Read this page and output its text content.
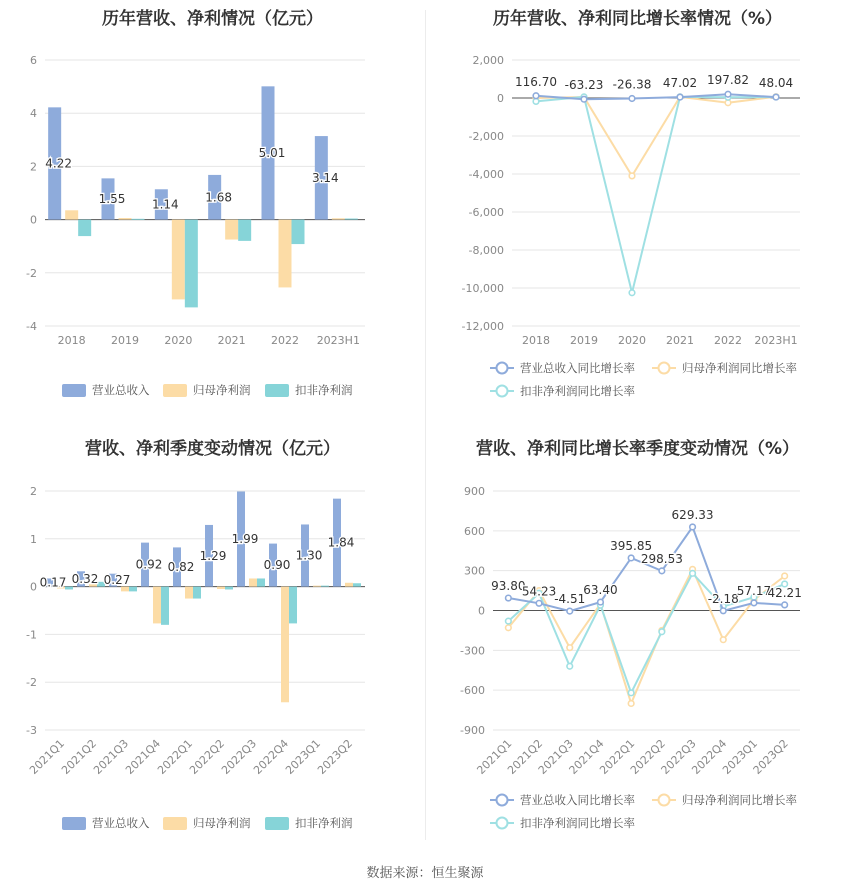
历年营收、净利情况（亿元）
6
4
2
0
-2
-4
2018 2019 2020 2021 2022 2023H1
4.22
1.55 1.14
1.68
5.01
3.14
营业总收入	归母净利润	扣非净利润
历年营收、净利同比增长率情况（%）
2,000
0
-2,000
-4,000
-6,000
-8,000
-10,000
-12,000
2018 2019 2020 2021 2022 2023H1
116.70 -63.23 -26.38 47.02 197.82 48.04
营业总收入同比增长率	归母净利润同比增长率
扣非净利润同比增长率
营收、净利季度变动情况（亿元）
2
1
0
-1
-2
-3
2021Q1
2021Q2
2021Q3
2021Q4
2022Q1
2022Q2
2022Q3
2022Q4
2023Q1
2023Q2
0.17 0.32 0.27
0.92 0.82
1.29
1.99
0.90
1.30
1.84
营业总收入	归母净利润	扣非净利润
营收、净利同比增长率季度变动情况（%）
900
600
300
0
-300
-600
-900
2021Q1
2021Q2
2021Q3
2021Q4
2022Q1
2022Q2
2022Q3
2022Q4
2023Q1
2023Q2
93.80
54.23
-4.51
63.40
395.85
298.53
629.33
-2.18
57.17
42.21
营业总收入同比增长率	归母净利润同比增长率
扣非净利润同比增长率
数据来源：恒生聚源
